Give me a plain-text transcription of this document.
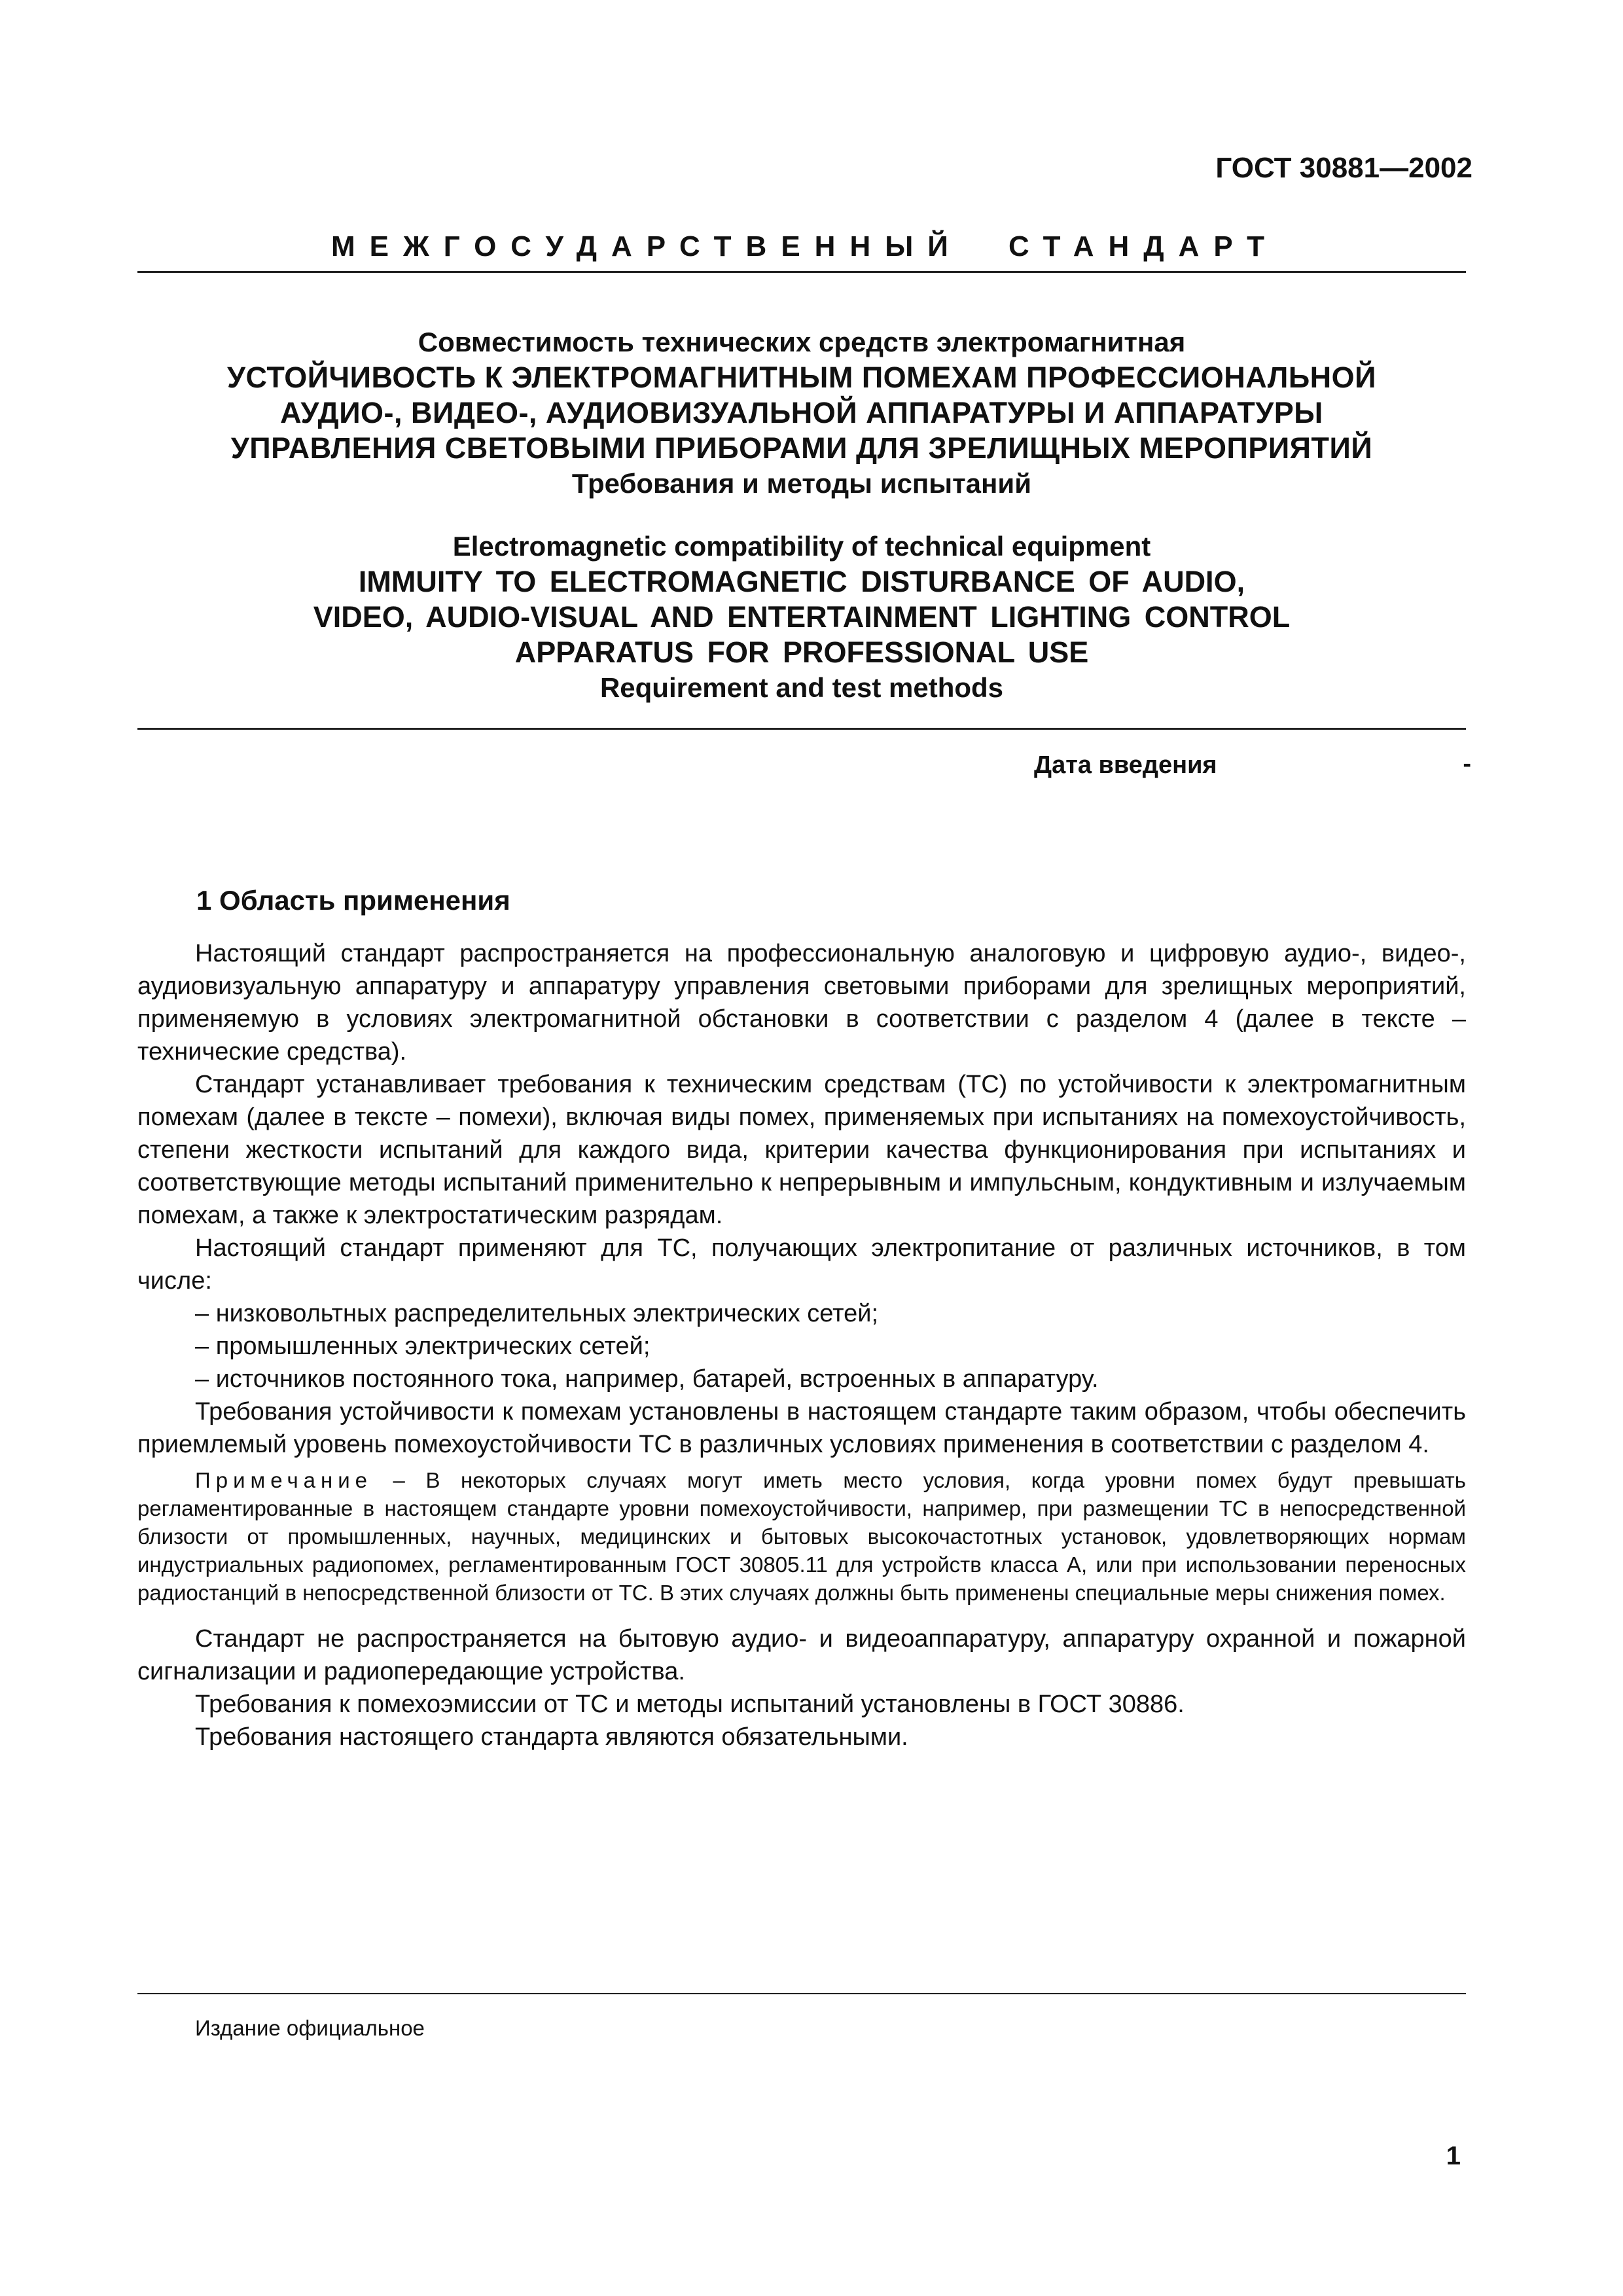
ГОСТ 30881—2002
МЕЖГОСУДАРСТВЕННЫЙ СТАНДАРТ
Совместимость технических средств электромагнитная
УСТОЙЧИВОСТЬ К ЭЛЕКТРОМАГНИТНЫМ ПОМЕХАМ ПРОФЕССИОНАЛЬНОЙ
АУДИО-, ВИДЕО-, АУДИОВИЗУАЛЬНОЙ АППАРАТУРЫ И АППАРАТУРЫ
УПРАВЛЕНИЯ СВЕТОВЫМИ ПРИБОРАМИ ДЛЯ ЗРЕЛИЩНЫХ МЕРОПРИЯТИЙ
Требования и методы испытаний
Electromagnetic compatibility of technical equipment
IMMUITY TO ELECTROMAGNETIC DISTURBANCE OF AUDIO,
VIDEO, AUDIO-VISUAL AND ENTERTAINMENT LIGHTING CONTROL
APPARATUS FOR PROFESSIONAL USE
Requirement and test methods
Дата введения	-
1 Область применения

Настоящий стандарт распространяется на профессиональную аналоговую и цифровую аудио-, видео-, аудиовизуальную аппаратуру и аппаратуру управления световыми приборами для зрелищных мероприятий, применяемую в условиях электромагнитной обстановки в соответствии с разделом 4 (далее в тексте – технические средства).

Стандарт устанавливает требования к техническим средствам (ТС) по устойчивости к электромагнитным помехам (далее в тексте – помехи), включая виды помех, применяемых при испытаниях на помехоустойчивость, степени жесткости испытаний для каждого вида, критерии качества функционирования при испытаниях и соответствующие методы испытаний применительно к непрерывным и импульсным, кондуктивным и излучаемым помехам, а также к электростатическим разрядам.

Настоящий стандарт применяют для ТС, получающих электропитание от различных источников, в том числе:

– низковольтных распределительных электрических сетей;

– промышленных электрических сетей;

– источников постоянного тока, например, батарей, встроенных в аппаратуру.

Требования устойчивости к помехам установлены в настоящем стандарте таким образом, чтобы обеспечить приемлемый уровень помехоустойчивости ТС в различных условиях применения в соответствии с разделом 4.

Примечание – В некоторых случаях могут иметь место условия, когда уровни помех будут превышать регламентированные в настоящем стандарте уровни помехоустойчивости, например, при размещении ТС в непосредственной близости от промышленных, научных, медицинских и бытовых высокочастотных установок, удовлетворяющих нормам индустриальных радиопомех, регламентированным ГОСТ 30805.11 для устройств класса А, или при использовании переносных радиостанций в непосредственной близости от ТС. В этих случаях должны быть применены специальные меры снижения помех.

Стандарт не распространяется на бытовую аудио- и видеоаппаратуру, аппаратуру охранной и пожарной сигнализации и радиопередающие устройства.

Требования к помехоэмиссии от ТС и методы испытаний установлены в ГОСТ 30886.

Требования настоящего стандарта являются обязательными.

Издание официальное
1
